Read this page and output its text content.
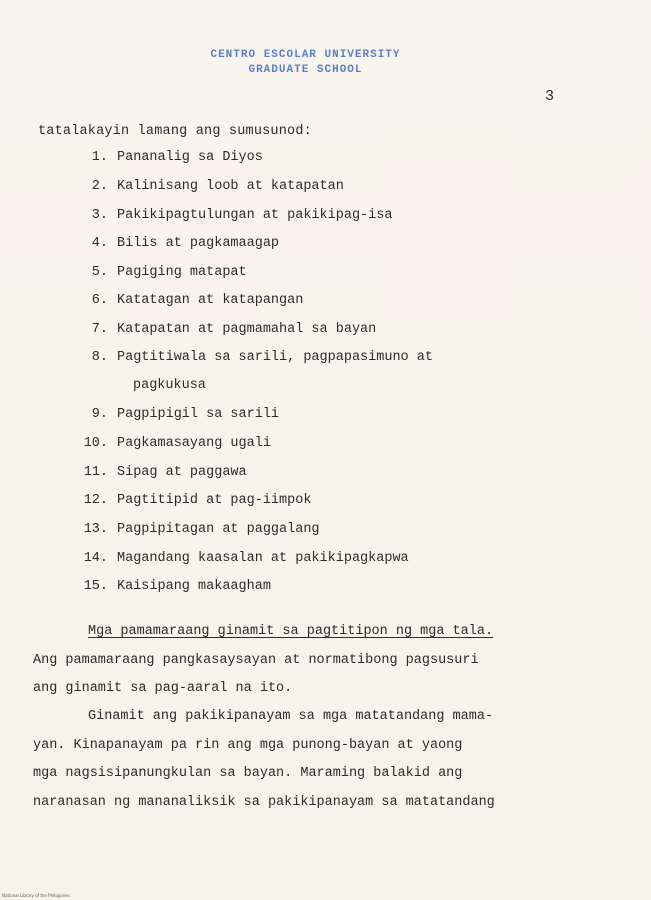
CENTRO ESCOLAR UNIVERSITY
GRADUATE SCHOOL
3
tatalakayin lamang ang sumusunod:
1. Pananalig sa Diyos
2. Kalinisang loob at katapatan
3. Pakikipagtulungan at pakikipag-isa
4. Bilis at pagkamaagap
5. Pagiging matapat
6. Katatagan at katapangan
7. Katapatan at pagmamahal sa bayan
8. Pagtitiwala sa sarili, pagpapasimuno at
pagkukusa
9. Pagpipigil sa sarili
10. Pagkamasayang ugali
11. Sipag at paggawa
12. Pagtitipid at pag-iimpok
13. Pagpipitagan at paggalang
14. Magandang kaasalan at pakikipagkapwa
15. Kaisipang makaagham
Mga pamamaraang ginamit sa pagtitipon ng mga tala.
Ang pamamaraang pangkasaysayan at normatibong pagsusuri
ang ginamit sa pag-aaral na ito.
Ginamit ang pakikipanayam sa mga matatandang mama-
yan. Kinapanayam pa rin ang mga punong-bayan at yaong
mga nagsisipanungkulan sa bayan. Maraming balakid ang
naranasan ng mananaliksik sa pakikipanayam sa matatandang
National Library of the Philippines
